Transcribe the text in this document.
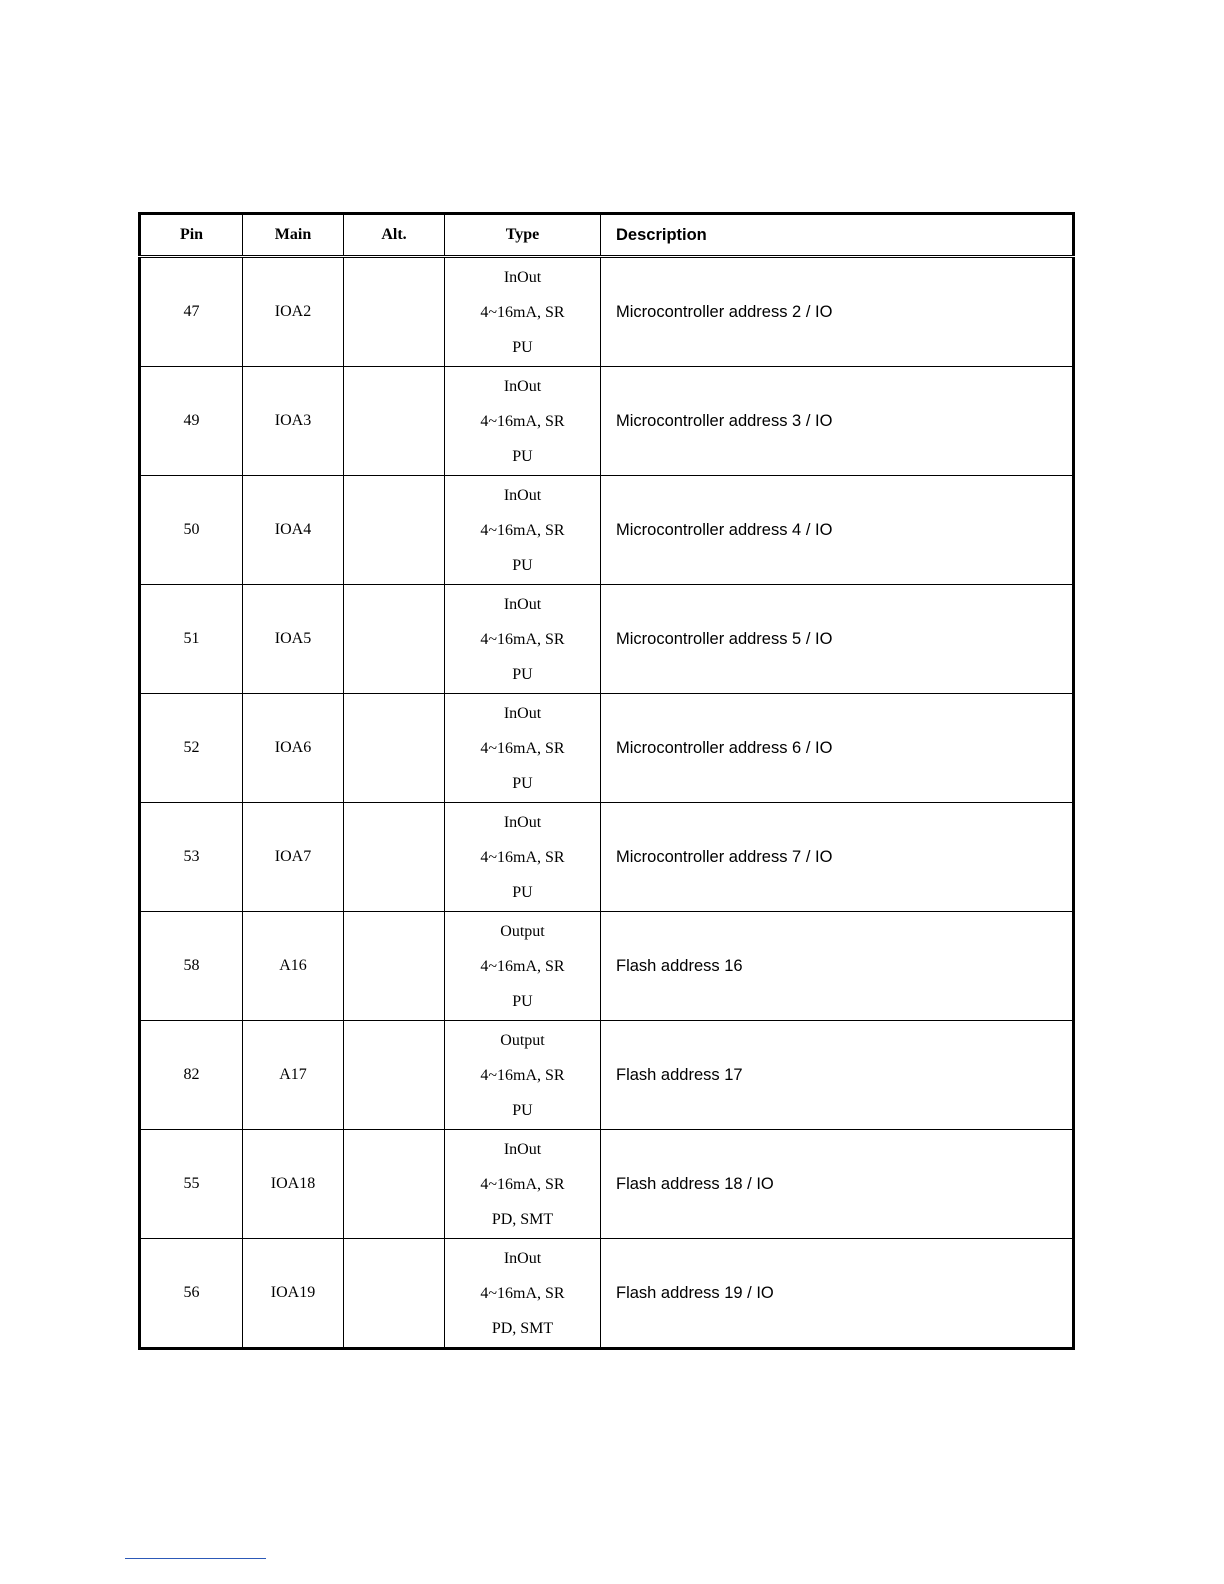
Pin	Main	Alt.	Type	Description
47	IOA2		InOut
4~16mA, SR
PU	Microcontroller address 2 / IO
49	IOA3		InOut
4~16mA, SR
PU	Microcontroller address 3 / IO
50	IOA4		InOut
4~16mA, SR
PU	Microcontroller address 4 / IO
51	IOA5		InOut
4~16mA, SR
PU	Microcontroller address 5 / IO
52	IOA6		InOut
4~16mA, SR
PU	Microcontroller address 6 / IO
53	IOA7		InOut
4~16mA, SR
PU	Microcontroller address 7 / IO
58	A16		Output
4~16mA, SR
PU	Flash address 16
82	A17		Output
4~16mA, SR
PU	Flash address 17
55	IOA18		InOut
4~16mA, SR
PD, SMT	Flash address 18 / IO
56	IOA19		InOut
4~16mA, SR
PD, SMT	Flash address 19 / IO
